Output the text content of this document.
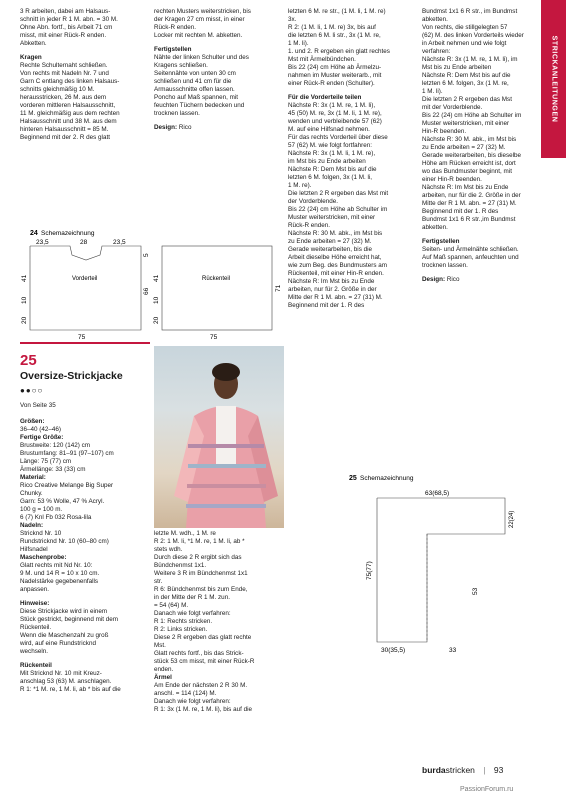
STRICKANLEITUNGEN

3 R arbeiten, dabei am Halsaus-
schnitt in jeder R 1 M. abn. = 30 M.
Ohne Abn. fortf., bis Arbeit 71 cm
misst, mit einer Rück-R enden.
Abketten.

Kragen

Rechte Schulternaht schließen.
Von rechts mit Nadeln Nr. 7 und
Garn C entlang des linken Halsaus-
schnitts gleichmäßig 10 M.
herausstricken, 26 M. aus dem
vorderen mittleren Halsausschnitt,
11 M. gleichmäßig aus dem rechten
Halsausschnitt und 38 M. aus dem
hinteren Halsausschnitt = 85 M.
Beginnend mit der 2. R des glatt

rechten Musters weiterstricken, bis
der Kragen 27 cm misst, in einer
Rück-R enden.
Locker mit rechten M. abketten.

Fertigstellen

Nähte der linken Schulter und des
Kragens schließen.
Seitennähte von unten 30 cm
schließen und 41 cm für die
Armausschnitte offen lassen.
Poncho auf Maß spannen, mit
feuchten Tüchern bedecken und
trocknen lassen.

Design: Rico

letzten 6 M. re str., (1 M. li, 1 M. re)
3x.
R 2: (1 M. li, 1 M. re) 3x, bis auf
die letzten 6 M. li str., 3x (1 M. re,
1 M. li).
1. und 2. R ergeben ein glatt rechtes
Mst mit Ärmelbündchen.
Bis 22 (24) cm Höhe ab Ärmelzu-
nahmen im Muster weiterarb., mit
einer Rück-R enden (Schulter).

Für die Vorderteile teilen

Nächste R: 3x (1 M. re, 1 M. li),
45 (50) M. re, 3x (1 M. li, 1 M. re),
wenden und verbleibende 57 (62)
M. auf eine Hilfsnad nehmen.
Für das rechts Vorderteil über diese
57 (62) M. wie folgt fortfahren:
Nächste R: 3x (1 M. li, 1 M. re),
im Mst bis zu Ende arbeiten
Nächste R: Dem Mst bis auf die
letzten 6 M. folgen, 3x (1 M. li,
1 M. re).
Die letzten 2 R ergeben das Mst mit
der Vorderblende.
Bis 22 (24) cm Höhe ab Schulter im
Muster weiterstricken, mit einer
Rück-R enden.
Nächste R: 30 M. abk., im Mst bis
zu Ende arbeiten = 27 (32) M.
Gerade weiterarbeiten, bis die
Arbeit dieselbe Höhe erreicht hat,
wie zum Beg. des Bundmusters am
Rückenteil, mit einer Hin-R enden.
Nächste R: Im Mst bis zu Ende
arbeiten, nur für 2. Größe in der
Mitte der R 1 M. abn. = 27 (31) M.
Beginnend mit der 1. R des

Bundmst 1x1 6 R str., im Bundmst
abketten.
Von rechts, die stillgelegten 57
(62) M. des linken Vorderteils wieder
in Arbeit nehmen und wie folgt
verfahren:
Nächste R: 3x (1 M. re, 1 M. li), im
Mst bis zu Ende arbeiten
Nächste R: Dem Mst bis auf die
letzten 6 M. folgen, 3x (1 M. re,
1 M. li).
Die letzten 2 R ergeben das Mst
mit der Vorderblende.
Bis 22 (24) cm Höhe ab Schulter im
Muster weiterstricken, mit einer
Hin-R beenden.
Nächste R: 30 M. abk., im Mst bis
zu Ende arbeiten = 27 (32) M.
Gerade weiterarbeiten, bis dieselbe
Höhe am Rücken erreicht ist, dort
wo das Bundmuster beginnt, mit
einer Hin-R beenden.
Nächste R: Im Mst bis zu Ende
arbeiten, nur für die 2. Größe in der
Mitte der R 1 M. abn. = 27 (31) M.
Beginnend mit der 1. R des
Bundmst 1x1 6 R str.,im Bundmst
abketten.

Fertigstellen

Seiten- und Ärmelnähte schließen.
Auf Maß spannen, anfeuchten und
trocknen lassen.

Design: Rico

24 Schemazeichnung
23,5	28	23,5
Vorderteil
41
10
20
5
66
75
Rückenteil
41
10
20
71
75
25
Oversize-Strickjacke
●●○○
Von Seite 35

Größen:

36–40 (42–46)

Fertige Größe:

Brustweite: 120 (142) cm
Brustumfang: 81–91 (97–107) cm
Länge: 75 (77) cm
Ärmellänge: 33 (33) cm

Material:

Rico Creative Melange Big Super
Chunky.
Garn: 53 % Wolle, 47 % Acryl.
100 g = 100 m.
6 (7) Knl Fb 032 Rosa-lila

Nadeln:

Stricknd Nr. 10
Rundstricknd Nr. 10 (60–80 cm)
Hilfsnadel

Maschenprobe:

Glatt rechts mit Nd Nr. 10:
9 M. und 14 R = 10 x 10 cm.
Nadelstärke gegebenenfalls
anpassen.

Hinweise:

Diese Strickjacke wird in einem
Stück gestrickt, beginnend mit dem
Rückenteil.
Wenn die Maschenzahl zu groß
wird, auf eine Rundstricknd
wechseln.

Rückenteil

Mit Stricknd Nr. 10 mit Kreuz-
anschlag 53 (63) M. anschlagen.
R 1: *1 M. re, 1 M. li, ab * bis auf die

letzte M. wdh., 1 M. re
R 2: 1 M. li, *1 M. re, 1 M. li, ab *
stets wdh.
Durch diese 2 R ergibt sich das
Bündchenmst 1x1.
Weitere 3 R im Bündchenmst 1x1
str.
R 6: Bündchenmst bis zum Ende,
in der Mitte der R 1 M. zun.
= 54 (64) M.
Danach wie folgt verfahren:
R 1: Rechts stricken.
R 2: Links stricken.
Diese 2 R ergeben das glatt rechte
Mst.
Glatt rechts fortf., bis das Strick-
stück 53 cm misst, mit einer Rück-R
enden.

Ärmel

Am Ende der nächsten 2 R 30 M.
anschl. = 114 (124) M.
Danach wie folgt verfahren:
R 1: 3x (1 M. re, 1 M. li), bis auf die

25 Schemazeichnung
63(68,5)
22(24)
75(77)
53
30(35,5)	33
burdastricken | 93
PassionForum.ru
